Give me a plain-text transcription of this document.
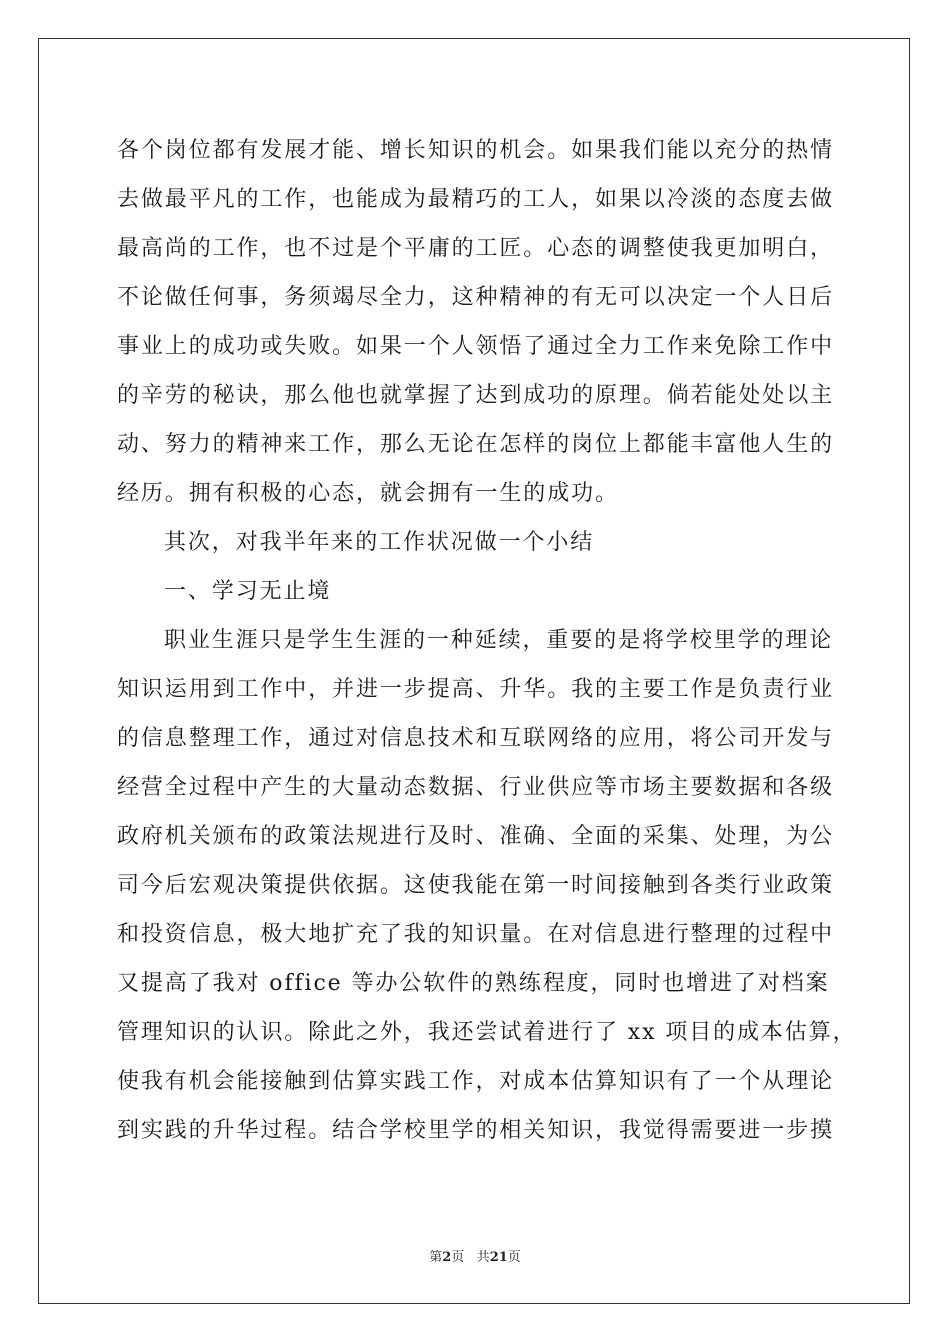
各个岗位都有发展才能、增长知识的机会。如果我们能以充分的热情
去做最平凡的工作，也能成为最精巧的工人，如果以冷淡的态度去做
最高尚的工作，也不过是个平庸的工匠。心态的调整使我更加明白，
不论做任何事，务须竭尽全力，这种精神的有无可以决定一个人日后
事业上的成功或失败。如果一个人领悟了通过全力工作来免除工作中
的辛劳的秘诀，那么他也就掌握了达到成功的原理。倘若能处处以主
动、努力的精神来工作，那么无论在怎样的岗位上都能丰富他人生的
经历。拥有积极的心态，就会拥有一生的成功。
其次，对我半年来的工作状况做一个小结
一、学习无止境
职业生涯只是学生生涯的一种延续，重要的是将学校里学的理论
知识运用到工作中，并进一步提高、升华。我的主要工作是负责行业
的信息整理工作，通过对信息技术和互联网络的应用，将公司开发与
经营全过程中产生的大量动态数据、行业供应等市场主要数据和各级
政府机关颁布的政策法规进行及时、准确、全面的采集、处理，为公
司今后宏观决策提供依据。这使我能在第一时间接触到各类行业政策
和投资信息，极大地扩充了我的知识量。在对信息进行整理的过程中
又提高了我对 office 等办公软件的熟练程度，同时也增进了对档案
管理知识的认识。除此之外，我还尝试着进行了 xx 项目的成本估算，
使我有机会能接触到估算实践工作，对成本估算知识有了一个从理论
到实践的升华过程。结合学校里学的相关知识，我觉得需要进一步摸
第2页 共21页
